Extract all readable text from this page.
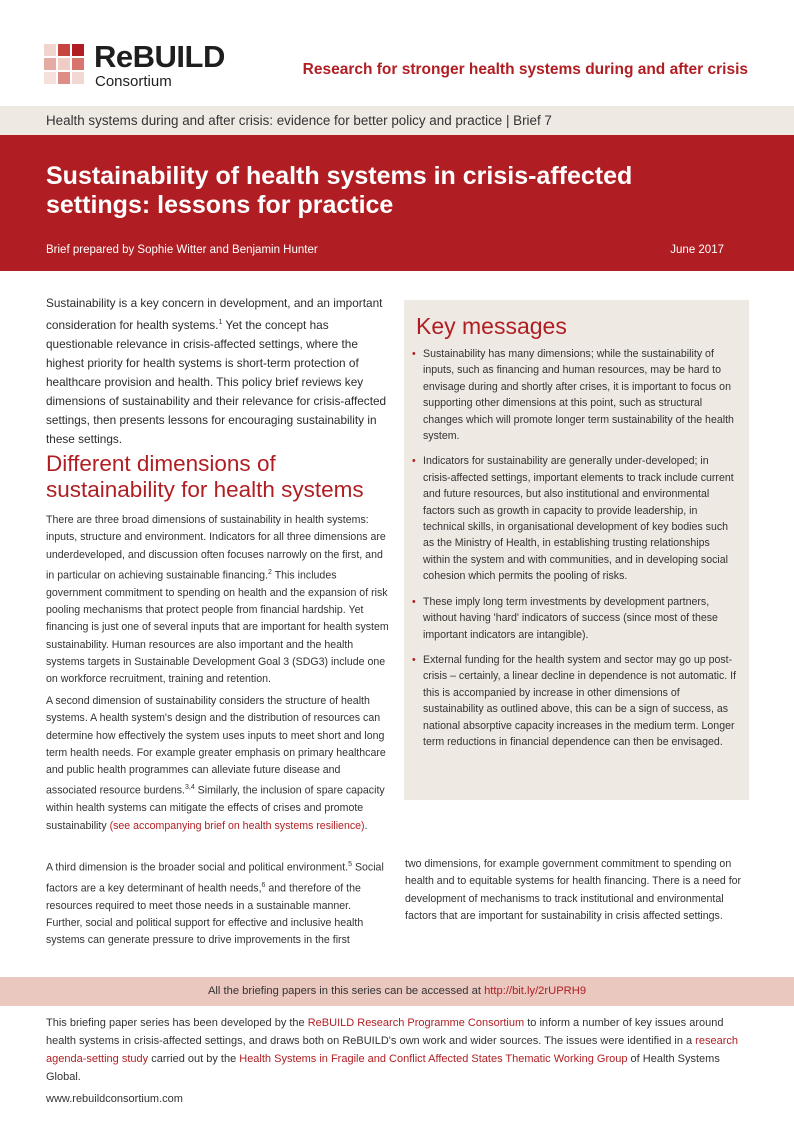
ReBUILD
Consortium
Research for stronger health systems during and after crisis
Health systems during and after crisis: evidence for better policy and practice | Brief 7
Sustainability of health systems in crisis-affected settings: lessons for practice
Brief prepared by Sophie Witter and Benjamin Hunter	June 2017

Sustainability is a key concern in development, and an important consideration for health systems.$^1$ Yet the concept has questionable relevance in crisis-affected settings, where the highest priority for health systems is short-term protection of healthcare provision and health. This policy brief reviews key dimensions of sustainability and their relevance for crisis-affected settings, then presents lessons for encouraging sustainability in these settings.

Different dimensions of sustainability for health systems

There are three broad dimensions of sustainability in health systems: inputs, structure and environment. Indicators for all three dimensions are underdeveloped, and discussion often focuses narrowly on the first, and in particular on achieving sustainable financing.$^2$ This includes government commitment to spending on health and the expansion of risk pooling mechanisms that protect people from financial hardship. Yet financing is just one of several inputs that are important for health system sustainability. Human resources are also important and the health systems targets in Sustainable Development Goal 3 (SDG3) include one on workforce recruitment, training and retention.

A second dimension of sustainability considers the structure of health systems. A health system's design and the distribution of resources can determine how effectively the system uses inputs to meet short and long term health needs. For example greater emphasis on primary healthcare and public health programmes can alleviate future disease and associated resource burdens.$^{3,4}$ Similarly, the inclusion of spare capacity within health systems can mitigate the effects of crises and promote sustainability (see accompanying brief on health systems resilience).

A third dimension is the broader social and political environment.$^5$ Social factors are a key determinant of health needs,$^6$ and therefore of the resources required to meet those needs in a sustainable manner. Further, social and political support for effective and inclusive health systems can generate pressure to drive improvements in the first

two dimensions, for example government commitment to spending on health and to equitable systems for health financing. There is a need for development of mechanisms to track institutional and environmental factors that are important for sustainability in crisis affected settings.

Key messages
• Sustainability has many dimensions; while the sustainability of inputs, such as financing and human resources, may be hard to envisage during and shortly after crises, it is important to focus on supporting other dimensions at this point, such as structural changes which will promote longer term sustainability of the health system.
• Indicators for sustainability are generally under-developed; in crisis-affected settings, important elements to track include current and future resources, but also institutional and environmental factors such as growth in capacity to provide leadership, in technical skills, in organisational development of key bodies such as the Ministry of Health, in establishing trusting relationships within the system and with communities, and in developing social cohesion which permits the pooling of risks.
• These imply long term investments by development partners, without having 'hard' indicators of success (since most of these important indicators are intangible).
• External funding for the health system and sector may go up post-crisis – certainly, a linear decline in dependence is not automatic. If this is accompanied by increase in other dimensions of sustainability as outlined above, this can be a sign of success, as national absorptive capacity increases in the medium term. Longer term reductions in financial dependence can then be envisaged.
All the briefing papers in this series can be accessed at http://bit.ly/2rUPRH9

This briefing paper series has been developed by the ReBUILD Research Programme Consortium to inform a number of key issues around health systems in crisis-affected settings, and draws both on ReBUILD's own work and wider sources. The issues were identified in a research agenda-setting study carried out by the Health Systems in Fragile and Conflict Affected States Thematic Working Group of Health Systems Global.

www.rebuildconsortium.com
